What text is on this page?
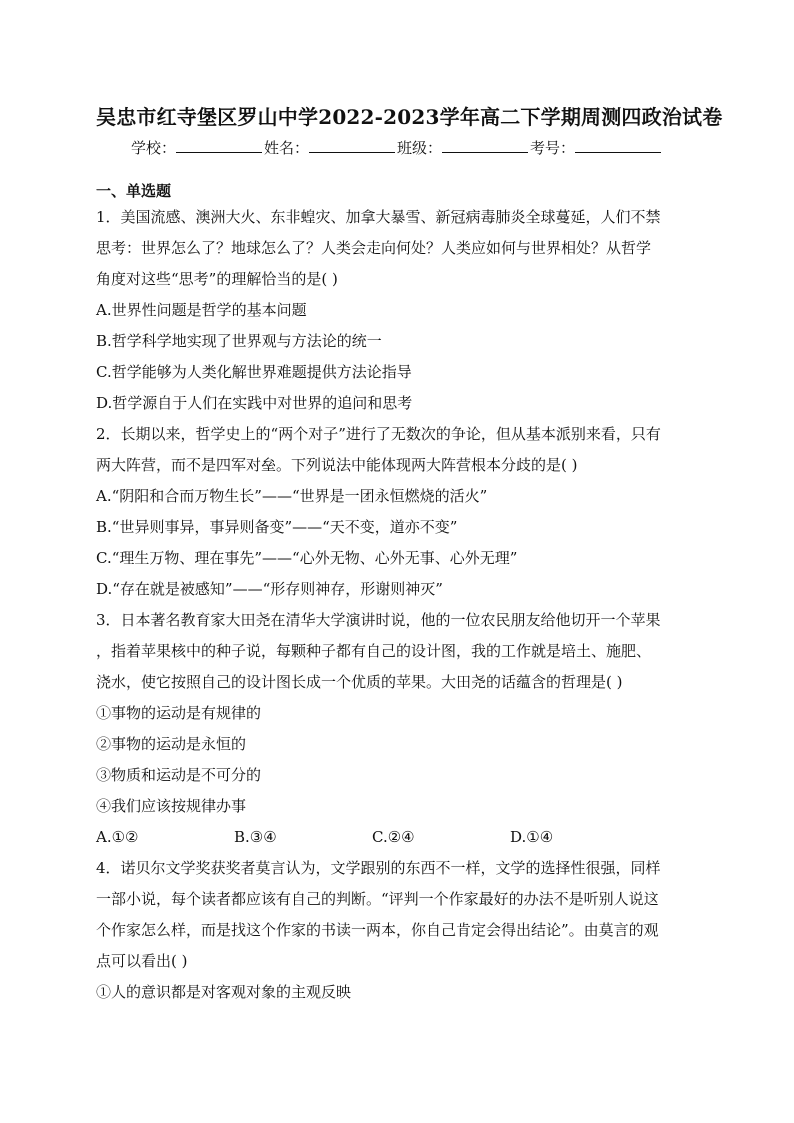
吴忠市红寺堡区罗山中学2022-2023学年高二下学期周测四政治试卷
学校：	姓名：	班级：	考号：
一、单选题

1．美国流感、澳洲大火、东非蝗灾、加拿大暴雪、新冠病毒肺炎全球蔓延，人们不禁

思考：世界怎么了？地球怎么了？人类会走向何处？人类应如何与世界相处？从哲学

角度对这些“思考”的理解恰当的是( )

A.世界性问题是哲学的基本问题

B.哲学科学地实现了世界观与方法论的统一

C.哲学能够为人类化解世界难题提供方法论指导

D.哲学源自于人们在实践中对世界的追问和思考

2．长期以来，哲学史上的“两个对子”进行了无数次的争论，但从基本派别来看，只有

两大阵营，而不是四军对垒。下列说法中能体现两大阵营根本分歧的是( )

A.“阴阳和合而万物生长”——“世界是一团永恒燃烧的活火”

B.“世异则事异，事异则备变”——“天不变，道亦不变”

C.“理生万物、理在事先”——“心外无物、心外无事、心外无理”

D.“存在就是被感知”——“形存则神存，形谢则神灭”

3．日本著名教育家大田尧在清华大学演讲时说，他的一位农民朋友给他切开一个苹果

，指着苹果核中的种子说，每颗种子都有自己的设计图，我的工作就是培土、施肥、

浇水，使它按照自己的设计图长成一个优质的苹果。大田尧的话蕴含的哲理是( )

①事物的运动是有规律的

②事物的运动是永恒的

③物质和运动是不可分的

④我们应该按规律办事

A.①②	B.③④	C.②④	D.①④

4．诺贝尔文学奖获奖者莫言认为，文学跟别的东西不一样，文学的选择性很强，同样

一部小说，每个读者都应该有自己的判断。“评判一个作家最好的办法不是听别人说这

个作家怎么样，而是找这个作家的书读一两本，你自己肯定会得出结论”。由莫言的观

点可以看出( )

①人的意识都是对客观对象的主观反映
